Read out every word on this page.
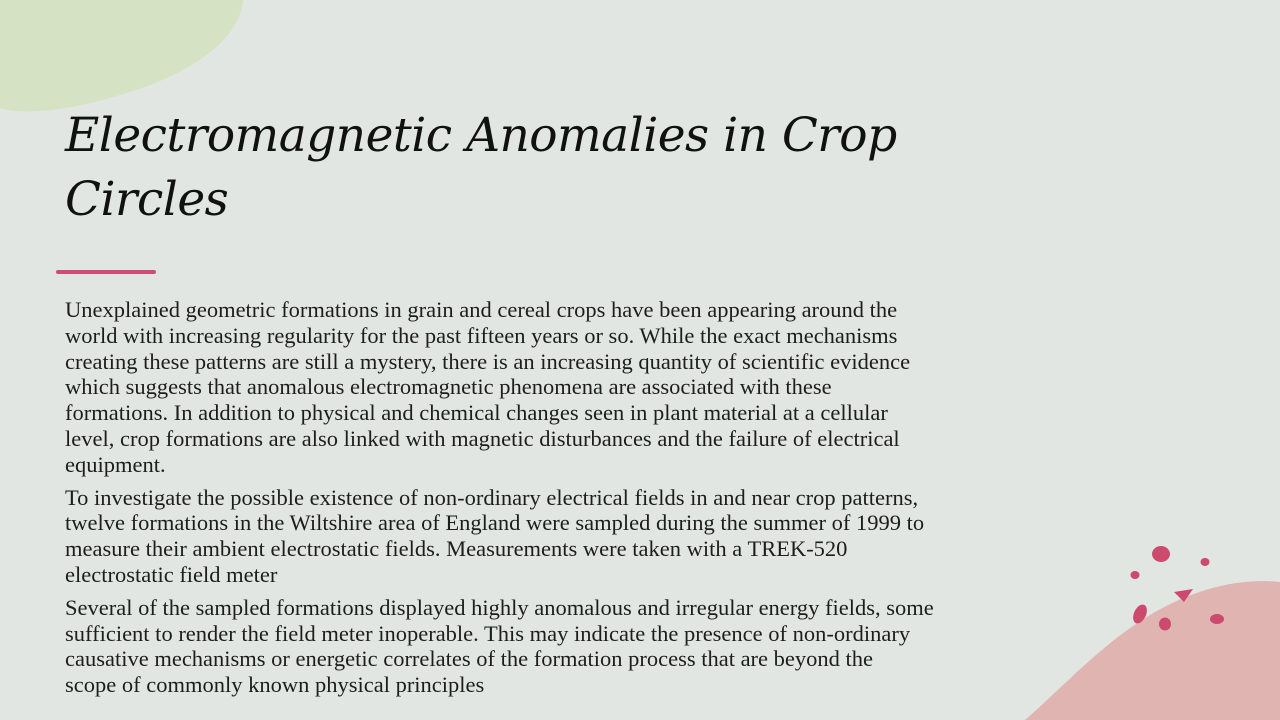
Electromagnetic Anomalies in Crop
Circles

Unexplained geometric formations in grain and cereal crops have been appearing around the
world with increasing regularity for the past fifteen years or so. While the exact mechanisms
creating these patterns are still a mystery, there is an increasing quantity of scientific evidence
which suggests that anomalous electromagnetic phenomena are associated with these
formations. In addition to physical and chemical changes seen in plant material at a cellular
level, crop formations are also linked with magnetic disturbances and the failure of electrical
equipment.

To investigate the possible existence of non-ordinary electrical fields in and near crop patterns,
twelve formations in the Wiltshire area of England were sampled during the summer of 1999 to
measure their ambient electrostatic fields. Measurements were taken with a TREK-520
electrostatic field meter

Several of the sampled formations displayed highly anomalous and irregular energy fields, some
sufficient to render the field meter inoperable. This may indicate the presence of non-ordinary
causative mechanisms or energetic correlates of the formation process that are beyond the
scope of commonly known physical principles
